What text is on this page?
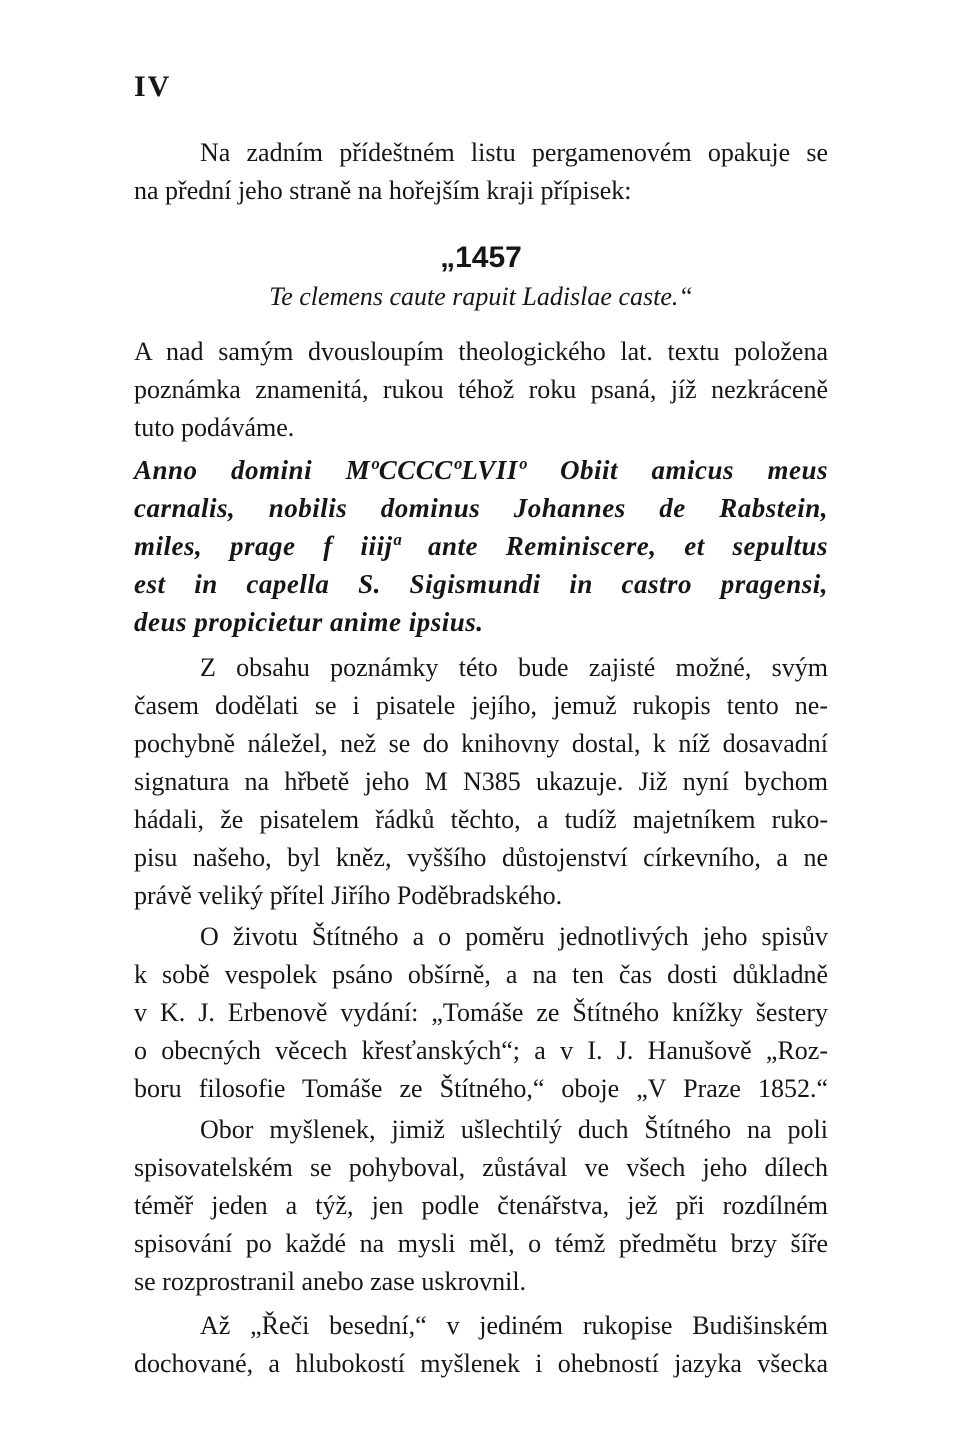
IV
Na zadním přídeštném listu pergamenovém opakuje se
na přední jeho straně na hořejším kraji přípisek:
„1457
Te clemens caute rapuit Ladislae caste.“
A nad samým dvousloupím theologického lat. textu položena
poznámka znamenitá, rukou téhož roku psaná, jíž nezkráceně
tuto podáváme.
Anno domini MºCCCCºLVIIº Obiit amicus meus
carnalis, nobilis dominus Johannes de Rabstein,
miles, prage f iiijª ante Reminiscere, et sepultus
est in capella S. Sigismundi in castro pragensi,
deus propicietur anime ipsius.
Z obsahu poznámky této bude zajisté možné, svým
časem dodělati se i pisatele jejího, jemuž rukopis tento ne-
pochybně náležel, než se do knihovny dostal, k níž dosavadní
signatura na hřbetě jeho M N385 ukazuje. Již nyní bychom
hádali, že pisatelem řádků těchto, a tudíž majetníkem ruko-
pisu našeho, byl kněz, vyššího důstojenství církevního, a ne
právě veliký přítel Jiřího Poděbradského.
O životu Štítného a o poměru jednotlivých jeho spisův
k sobě vespolek psáno obšírně, a na ten čas dosti důkladně
v K. J. Erbenově vydání: „Tomáše ze Štítného knížky šestery
o obecných věcech křesťanských“; a v I. J. Hanušově „Roz-
boru filosofie Tomáše ze Štítného,“ oboje „V Praze 1852.“
Obor myšlenek, jimiž ušlechtilý duch Štítného na poli
spisovatelském se pohyboval, zůstával ve všech jeho dílech
téměř jeden a týž, jen podle čtenářstva, jež při rozdílném
spisování po každé na mysli měl, o témž předmětu brzy šíře
se rozprostranil anebo zase uskrovnil.
Až „Řeči besední,“ v jediném rukopise Budišinském
dochované, a hlubokostí myšlenek i ohebností jazyka všecka
